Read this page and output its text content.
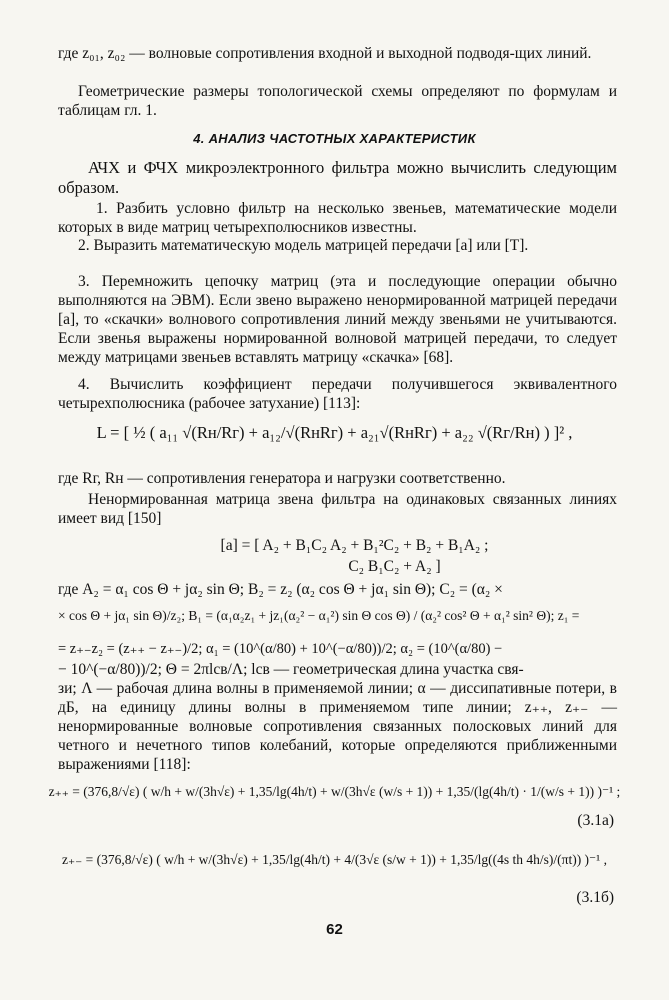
где z₀₁, z₀₂ — волновые сопротивления входной и выходной подводя-щих линий.
Геометрические размеры топологической схемы определяют по формулам и таблицам гл. 1.
4. АНАЛИЗ ЧАСТОТНЫХ ХАРАКТЕРИСТИК
АЧХ и ФЧХ микроэлектронного фильтра можно вычислить следующим образом.
1. Разбить условно фильтр на несколько звеньев, математические модели которых в виде матриц четырехполюсников известны.
2. Выразить математическую модель матрицей передачи [a] или [T].
3. Перемножить цепочку матриц (эта и последующие операции обычно выполняются на ЭВМ). Если звено выражено ненормированной матрицей передачи [a], то «скачки» волнового сопротивления линий между звеньями не учитываются. Если звенья выражены нормированной волновой матрицей передачи, то следует между матрицами звеньев вставлять матрицу «скачка» [68].
4. Вычислить коэффициент передачи получившегося эквивалентного четырехполюсника (рабочее затухание) [113]:
L = [ ½ ( a₁₁ √(Rн/Rг) + a₁₂/√(RнRг) + a₂₁√(RнRг) + a₂₂ √(Rг/Rн) ) ]² ,
где Rг, Rн — сопротивления генератора и нагрузки соответственно.
Ненормированная матрица звена фильтра на одинаковых связанных линиях имеет вид [150]
[a] = [ A₂ + B₁C₂ A₂ + B₁²C₂ + B₂ + B₁A₂ ;
C₂ B₁C₂ + A₂ ]
где A₂ = α₁ cos Θ + jα₂ sin Θ; B₂ = z₂ (α₂ cos Θ + jα₁ sin Θ); C₂ = (α₂ ×
× cos Θ + jα₁ sin Θ)/z₂; B₁ = (α₁α₂z₁ + jz₁(α₂² − α₁²) sin Θ cos Θ) / (α₂² cos² Θ + α₁² sin² Θ); z₁ =
= z₊₋z₂ = (z₊₊ − z₊₋)/2; α₁ = (10^(α/80) + 10^(−α/80))/2; α₂ = (10^(α/80) −
− 10^(−α/80))/2; Θ = 2πlсв/Λ; lсв — геометрическая длина участка свя-
зи; Λ — рабочая длина волны в применяемой линии; α — диссипативные потери, в дБ, на единицу длины волны в применяемом типе линии; z₊₊, z₊₋ — ненормированные волновые сопротивления связанных полосковых линий для четного и нечетного типов колебаний, которые определяются приближенными выражениями [118]:
z₊₊ = (376,8/√ε) ( w/h + w/(3h√ε) + 1,35/lg(4h/t) + w/(3h√ε (w/s + 1)) + 1,35/(lg(4h/t) · 1/(w/s + 1)) )⁻¹ ;
(3.1а)
z₊₋ = (376,8/√ε) ( w/h + w/(3h√ε) + 1,35/lg(4h/t) + 4/(3√ε (s/w + 1)) + 1,35/lg((4s th 4h/s)/(πt)) )⁻¹ ,
(3.1б)
62
